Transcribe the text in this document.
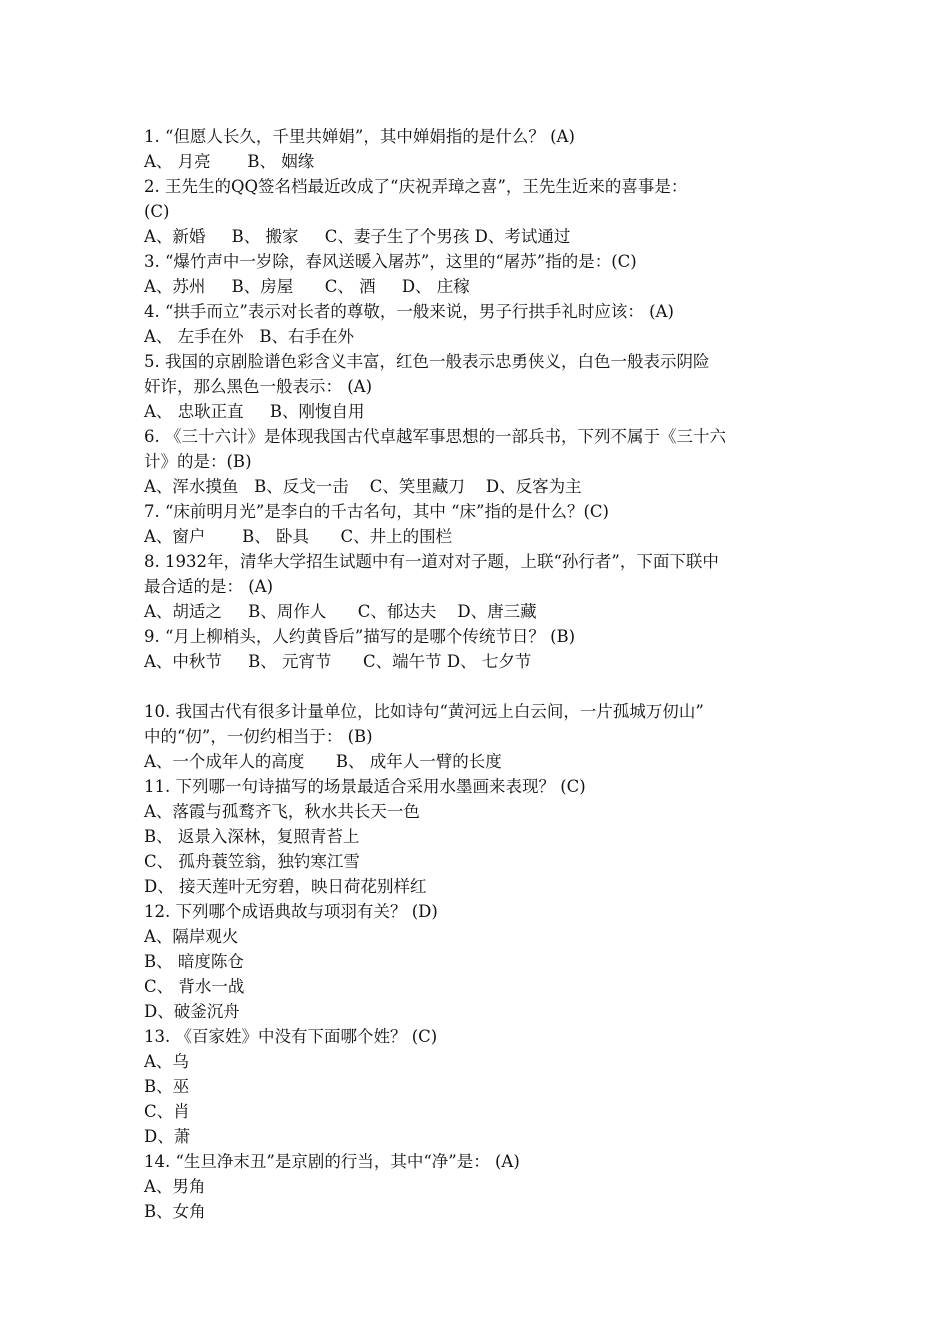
1. “但愿人长久，千里共婵娟”，其中婵娟指的是什么？ (A)
A、 月亮       B、 姻缘
2. 王先生的QQ签名档最近改成了“庆祝弄璋之喜”，王先生近来的喜事是：
(C)
A、新婚     B、 搬家     C、妻子生了个男孩 D、考试通过
3. “爆竹声中一岁除，春风送暖入屠苏”，这里的“屠苏”指的是：(C)
A、苏州     B、房屋      C、 酒     D、 庄稼
4. “拱手而立”表示对长者的尊敬，一般来说，男子行拱手礼时应该： (A)
A、 左手在外   B、右手在外
5. 我国的京剧脸谱色彩含义丰富，红色一般表示忠勇侠义，白色一般表示阴险
奸诈，那么黑色一般表示： (A)
A、 忠耿正直     B、刚愎自用
6. 《三十六计》是体现我国古代卓越军事思想的一部兵书，下列不属于《三十六
计》的是：(B)
A、浑水摸鱼   B、反戈一击    C、笑里藏刀    D、反客为主
7. “床前明月光”是李白的千古名句，其中 “床”指的是什么？(C)
A、窗户       B、 卧具      C、井上的围栏
8. 1932年，清华大学招生试题中有一道对对子题，上联“孙行者”，下面下联中
最合适的是： (A)
A、胡适之     B、周作人      C、郁达夫    D、唐三藏
9. “月上柳梢头，人约黄昏后”描写的是哪个传统节日？ (B)
A、中秋节     B、 元宵节      C、端午节 D、 七夕节
10. 我国古代有很多计量单位，比如诗句“黄河远上白云间，一片孤城万仞山”
中的“仞”，一仞约相当于： (B)
A、一个成年人的高度      B、 成年人一臂的长度
11. 下列哪一句诗描写的场景最适合采用水墨画来表现？ (C)
A、落霞与孤鹜齐飞，秋水共长天一色
B、 返景入深林，复照青苔上
C、 孤舟蓑笠翁，独钓寒江雪
D、 接天莲叶无穷碧，映日荷花别样红
12. 下列哪个成语典故与项羽有关？ (D)
A、隔岸观火
B、 暗度陈仓
C、 背水一战
D、破釜沉舟
13. 《百家姓》中没有下面哪个姓？ (C)
A、乌
B、巫
C、肖
D、萧
14. “生旦净末丑”是京剧的行当，其中“净”是： (A)
A、男角
B、女角
